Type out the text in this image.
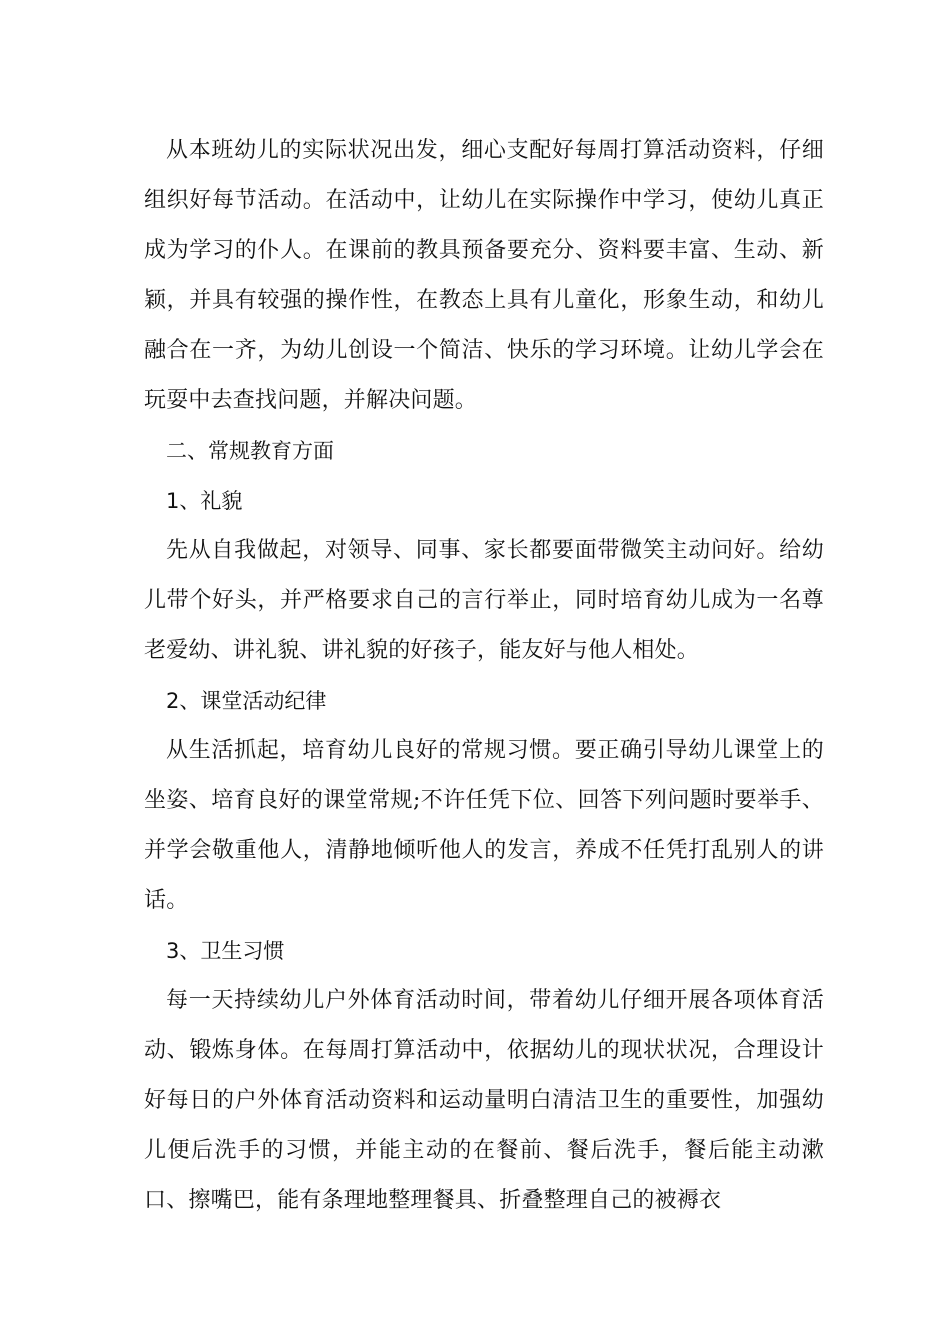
从本班幼儿的实际状况出发，细心支配好每周打算活动资料，仔细组织好每节活动。在活动中，让幼儿在实际操作中学习，使幼儿真正成为学习的仆人。在课前的教具预备要充分、资料要丰富、生动、新颖，并具有较强的操作性，在教态上具有儿童化，形象生动，和幼儿融合在一齐，为幼儿创设一个简洁、快乐的学习环境。让幼儿学会在玩耍中去查找问题，并解决问题。

二、常规教育方面

1、礼貌

先从自我做起，对领导、同事、家长都要面带微笑主动问好。给幼儿带个好头，并严格要求自己的言行举止，同时培育幼儿成为一名尊老爱幼、讲礼貌、讲礼貌的好孩子，能友好与他人相处。

2、课堂活动纪律

从生活抓起，培育幼儿良好的常规习惯。要正确引导幼儿课堂上的坐姿、培育良好的课堂常规;不许任凭下位、回答下列问题时要举手、并学会敬重他人，清静地倾听他人的发言，养成不任凭打乱别人的讲话。

3、卫生习惯

每一天持续幼儿户外体育活动时间，带着幼儿仔细开展各项体育活动、锻炼身体。在每周打算活动中，依据幼儿的现状状况，合理设计好每日的户外体育活动资料和运动量明白清洁卫生的重要性，加强幼儿便后洗手的习惯，并能主动的在餐前、餐后洗手，餐后能主动漱口、擦嘴巴，能有条理地整理餐具、折叠整理自己的被褥衣
